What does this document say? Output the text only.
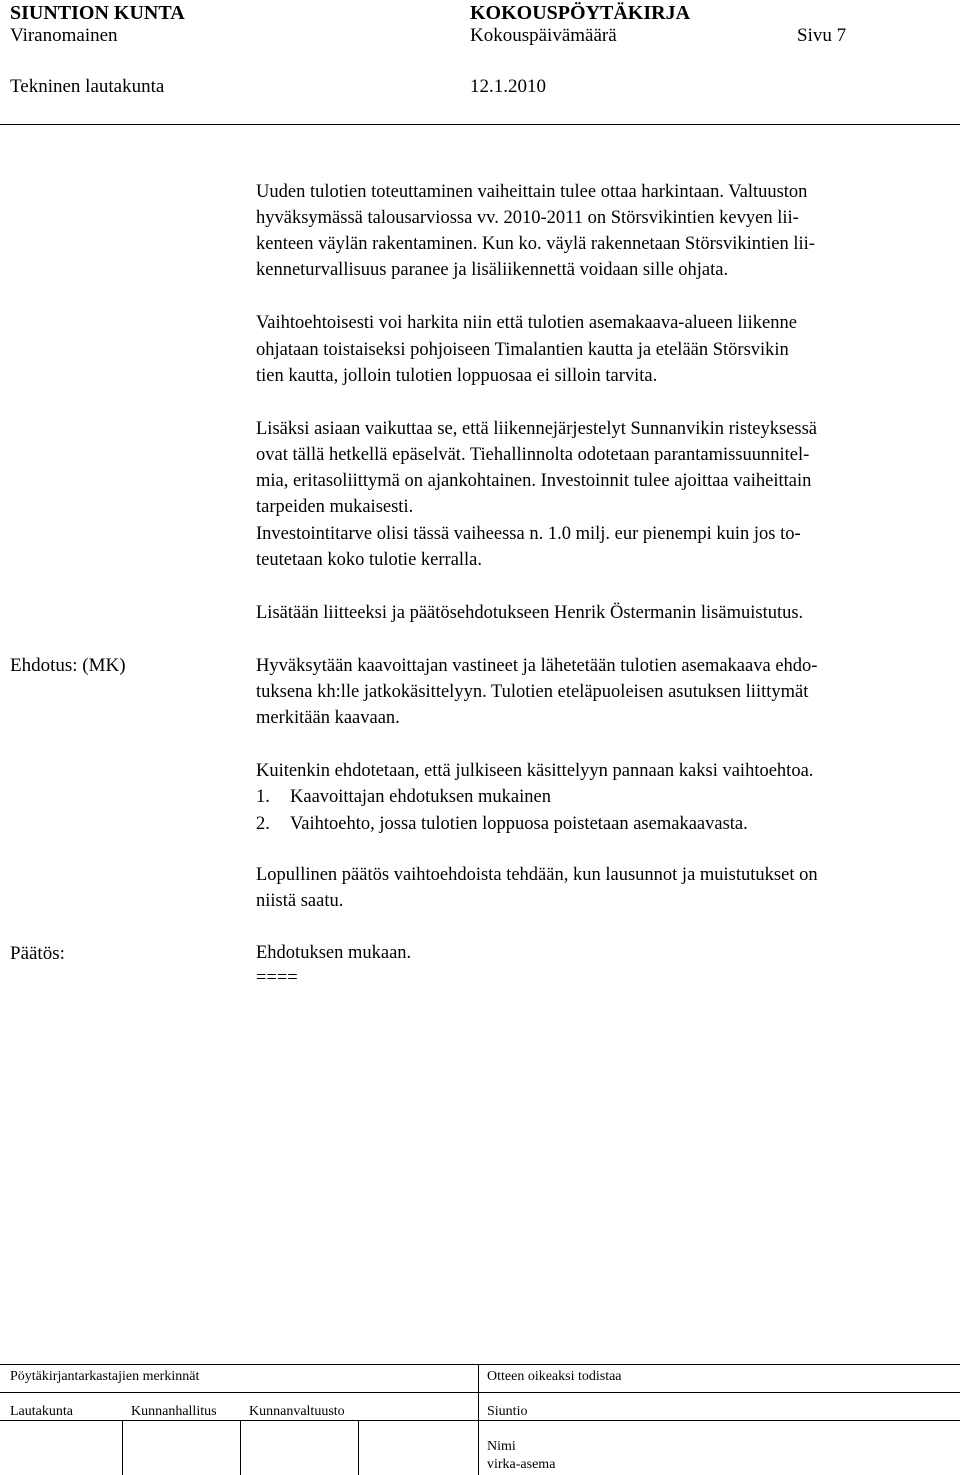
SIUNTION KUNTA	KOKOUSPÖYTÄKIRJA
Viranomainen	Kokouspäivämäärä	Sivu 7
Tekninen lautakunta	12.1.2010
Uuden tulotien toteuttaminen vaiheittain tulee ottaa harkintaan. Valtuuston
hyväksymässä talousarviossa vv. 2010-2011 on Störsvikintien kevyen lii-
kenteen väylän rakentaminen. Kun ko. väylä rakennetaan Störsvikintien lii-
kenneturvallisuus paranee ja lisäliikennettä voidaan sille ohjata.
Vaihtoehtoisesti voi harkita niin että tulotien asemakaava-alueen liikenne
ohjataan toistaiseksi pohjoiseen Timalantien kautta ja etelään Störsvikin
tien kautta, jolloin tulotien loppuosaa ei silloin tarvita.
Lisäksi asiaan vaikuttaa se, että liikennejärjestelyt Sunnanvikin risteyksessä
ovat tällä hetkellä epäselvät. Tiehallinnolta odotetaan parantamissuunnitel-
mia, eritasoliittymä on ajankohtainen. Investoinnit tulee ajoittaa vaiheittain
tarpeiden mukaisesti.
Investointitarve olisi tässä vaiheessa n. 1.0 milj. eur pienempi kuin jos to-
teutetaan koko tulotie kerralla.
Lisätään liitteeksi ja päätösehdotukseen Henrik Östermanin lisämuistutus.
Ehdotus: (MK)	Hyväksytään kaavoittajan vastineet ja lähetetään tulotien asemakaava ehdo-
tuksena kh:lle jatkokäsittelyyn. Tulotien eteläpuoleisen asutuksen liittymät
merkitään kaavaan.
Kuitenkin ehdotetaan, että julkiseen käsittelyyn pannaan kaksi vaihtoehtoa.
1. Kaavoittajan ehdotuksen mukainen
2. Vaihtoehto, jossa tulotien loppuosa poistetaan asemakaavasta.
Lopullinen päätös vaihtoehdoista tehdään, kun lausunnot ja muistutukset on
niistä saatu.
Päätös:	Ehdotuksen mukaan.
====
Pöytäkirjantarkastajien merkinnät	Otteen oikeaksi todistaa
Lautakunta	Kunnanhallitus Kunnanvaltuusto	Siuntio
Nimi
virka-asema
